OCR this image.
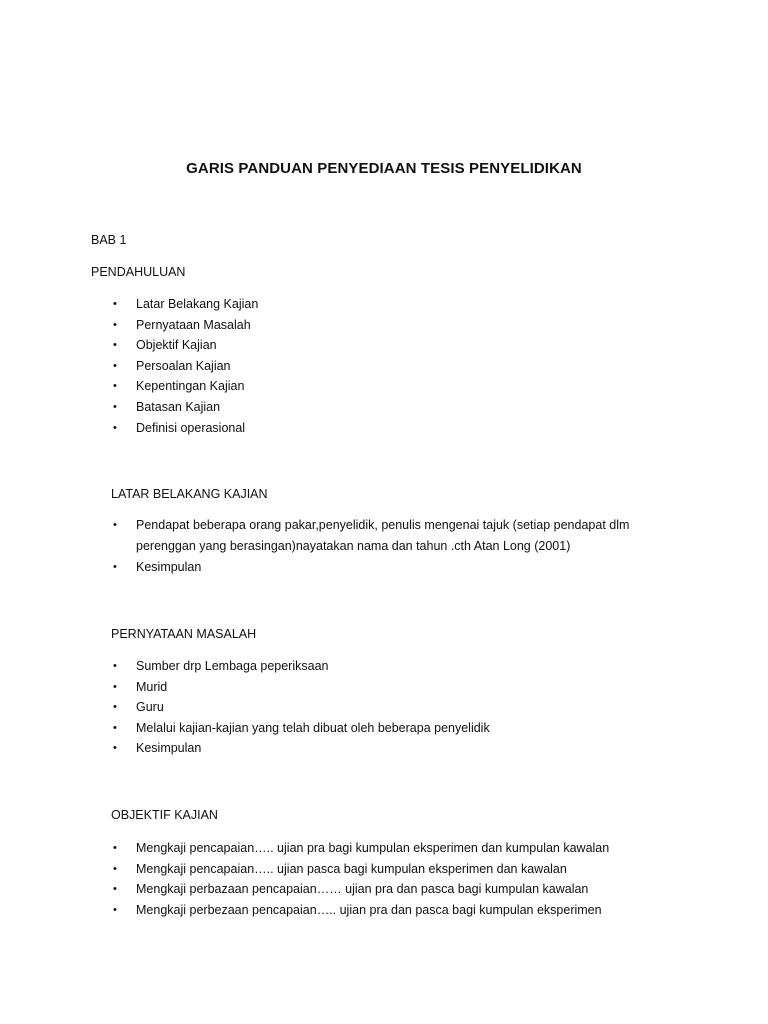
GARIS PANDUAN PENYEDIAAN TESIS PENYELIDIKAN
BAB 1
PENDAHULUAN
• Latar Belakang Kajian
• Pernyataan Masalah
• Objektif Kajian
• Persoalan Kajian
• Kepentingan Kajian
• Batasan Kajian
• Definisi operasional
LATAR BELAKANG KAJIAN
• Pendapat beberapa orang pakar,penyelidik, penulis mengenai tajuk (setiap pendapat dlm
perenggan yang berasingan)nayatakan nama dan tahun .cth Atan Long (2001)
• Kesimpulan
PERNYATAAN MASALAH
• Sumber drp Lembaga peperiksaan
• Murid
• Guru
• Melalui kajian-kajian yang telah dibuat oleh beberapa penyelidik
• Kesimpulan
OBJEKTIF KAJIAN
• Mengkaji pencapaian….. ujian pra bagi kumpulan eksperimen dan kumpulan kawalan
• Mengkaji pencapaian….. ujian pasca bagi kumpulan eksperimen dan kawalan
• Mengkaji perbazaan pencapaian…… ujian pra dan pasca bagi kumpulan kawalan
• Mengkaji perbezaan pencapaian….. ujian pra dan pasca bagi kumpulan eksperimen
